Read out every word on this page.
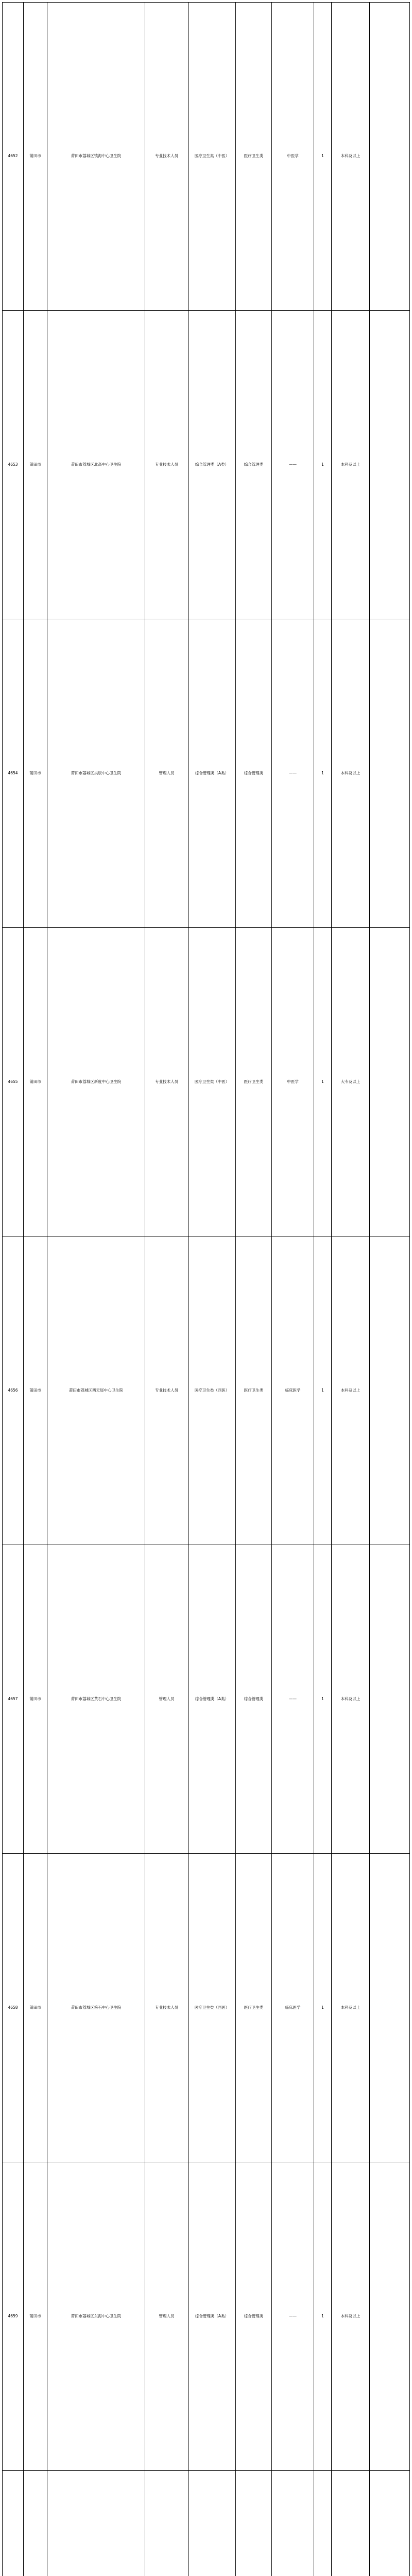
4652	莆田市	莆田市荔城区镇海中心卫生院	专业技术人员	医疗卫生类（中医）	医疗卫生类	中医学	1	本科及以上
4653	莆田市	莆田市荔城区北高中心卫生院	专业技术人员	综合管理类（A类）	综合管理类	——	1	本科及以上
4654	莆田市	莆田市荔城区拱辰中心卫生院	管理人员	综合管理类（A类）	综合管理类	——	1	本科及以上
4655	莆田市	莆田市荔城区新度中心卫生院	专业技术人员	医疗卫生类（中医）	医疗卫生类	中医学	1	大专及以上
4656	莆田市	莆田市荔城区西天尾中心卫生院	专业技术人员	医疗卫生类（西医）	医疗卫生类	临床医学	1	本科及以上
4657	莆田市	莆田市荔城区黄石中心卫生院	管理人员	综合管理类（A类）	综合管理类	——	1	本科及以上
4658	莆田市	莆田市荔城区笏石中心卫生院	专业技术人员	医疗卫生类（西医）	医疗卫生类	临床医学	1	本科及以上
4659	莆田市	莆田市荔城区东海中心卫生院	管理人员	综合管理类（A类）	综合管理类	——	1	本科及以上
